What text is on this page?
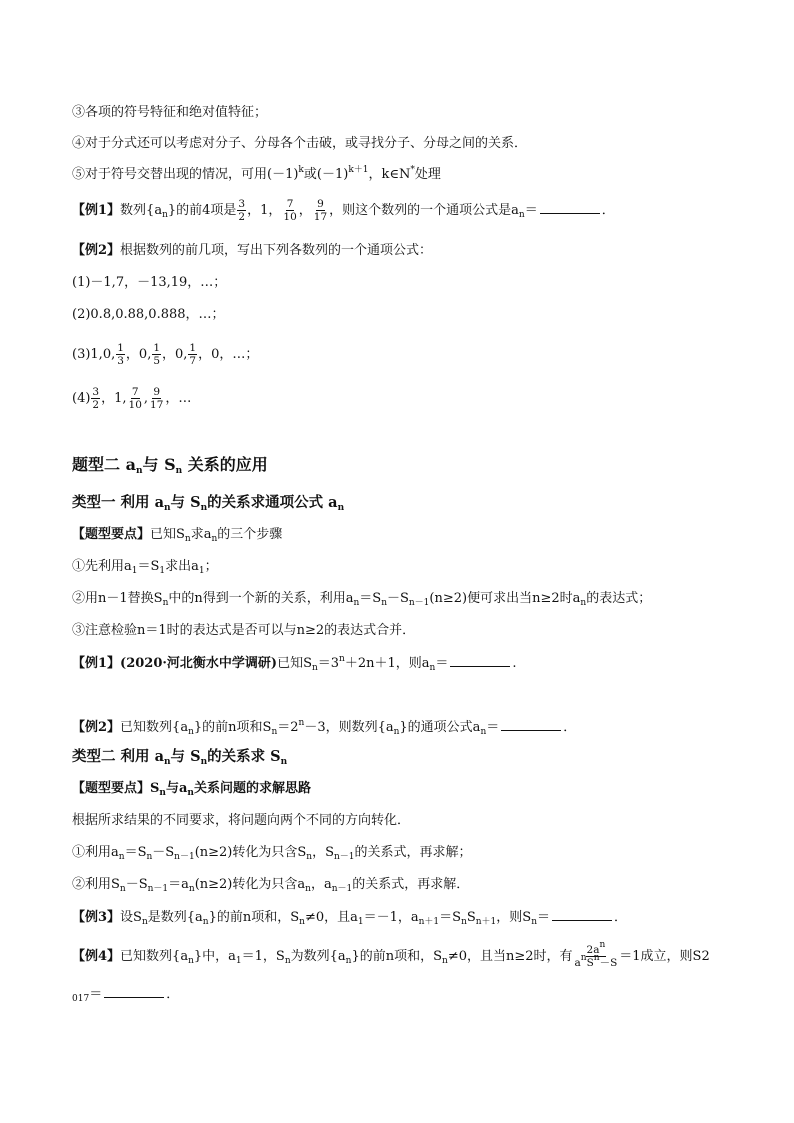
③各项的符号特征和绝对值特征；
④对于分式还可以考虑对分子、分母各个击破，或寻找分子、分母之间的关系．
⑤对于符号交替出现的情况，可用$(-1)^k$或$(-1)^{k+1}$，k∈N*处理
【例1】数列$\{a_n\}$的前4项是 $\frac{3}{2}$ ，1， $\frac{7}{10}$ ， $\frac{9}{17}$ ，则这个数列的一个通项公式是$a_n=$	．
【例2】根据数列的前几项，写出下列各数列的一个通项公式：
(1)－1,7，－13,19，…；
(2)0.8,0.88,0.888，…；
(3)1,0, $\frac{1}{3}$ ，0, $\frac{1}{5}$ ，0, $\frac{1}{7}$ ，0，…；
$(4) \frac{3}{2}$ ，1, $\frac{7}{10}$ , $\frac{9}{17}$ ，…
题型二 $a_n$与 $S_n$ 关系的应用
类型一 利用 $a_n$与 $S_n$的关系求通项公式 $a_n$
【题型要点】已知$S_n$求$a_n$的三个步骤
①先利用$a_1=S_1$求出$a_1$；
②用n－1替换$S_n$中的n得到一个新的关系，利用$a_n=S_n-S_{n-1}(n\ge 2)$便可求出当n≥2时$a_n$的表达式；
③注意检验n＝1时的表达式是否可以与n≥2的表达式合并．
【例1】(2020·河北衡水中学调研)已知$S_n=3^n+2n+1$，则$a_n=$	.
【例2】已知数列$\{a_n\}$的前n项和$S_n=2^n-3$，则数列$\{a_n\}$的通项公式$a_n=$	．
类型二 利用 $a_n$与 $S_n$的关系求 $S_n$
【题型要点】$S_n$与$a_n$关系问题的求解思路
根据所求结果的不同要求，将问题向两个不同的方向转化．
①利用$a_n=S_n-S_{n-1}(n\ge 2)$转化为只含$S_n$，$S_{n-1}$的关系式，再求解；
②利用$S_n-S_{n-1}=a_n(n\ge 2)$转化为只含$a_n$，$a_{n-1}$的关系式，再求解．
【例3】设$S_n$是数列$\{a_n\}$的前n项和，$S_n\ne 0$，且$a_1=-1$，$a_{n+1}=S_nS_{n+1}$，则$S_n=$	．
【例4】已知数列$\{a_n\}$中，$a_1=1$，$S_n$为数列$\{a_n\}$的前n项和，$S_n\ne 0$，且当n≥2时，有 $\frac{2a^n}{a^nS^n-S} =1$成立，则S2
$_{017}$＝	．
